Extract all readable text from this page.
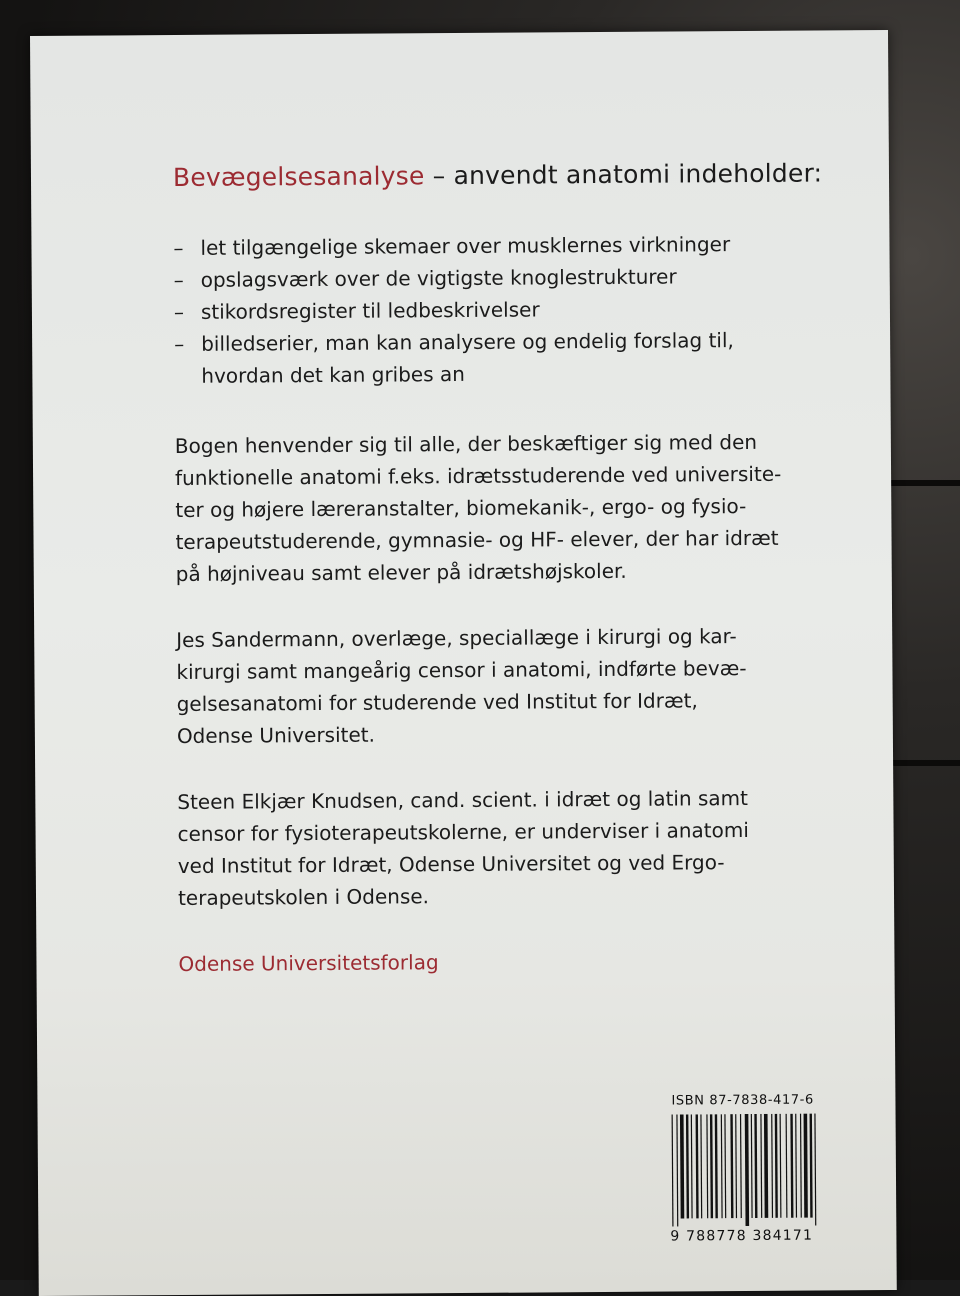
Bevægelsesanalyse – anvendt anatomi indeholder:
– let tilgængelige skemaer over musklernes virkninger
– opslagsværk over de vigtigste knoglestrukturer
– stikordsregister til ledbeskrivelser
– billedserier, man kan analysere og endelig forslag til,
hvordan det kan gribes an
Bogen henvender sig til alle, der beskæftiger sig med den
funktionelle anatomi f.eks. idrætsstuderende ved universite-
ter og højere læreranstalter, biomekanik-, ergo- og fysio-
terapeutstuderende, gymnasie- og HF- elever, der har idræt
på højniveau samt elever på idrætshøjskoler.
Jes Sandermann, overlæge, speciallæge i kirurgi og kar-
kirurgi samt mangeårig censor i anatomi, indførte bevæ-
gelsesanatomi for studerende ved Institut for Idræt,
Odense Universitet.
Steen Elkjær Knudsen, cand. scient. i idræt og latin samt
censor for fysioterapeutskolerne, er underviser i anatomi
ved Institut for Idræt, Odense Universitet og ved Ergo-
terapeutskolen i Odense.
Odense Universitetsforlag
ISBN 87-7838-417-6
9 788778 384171
